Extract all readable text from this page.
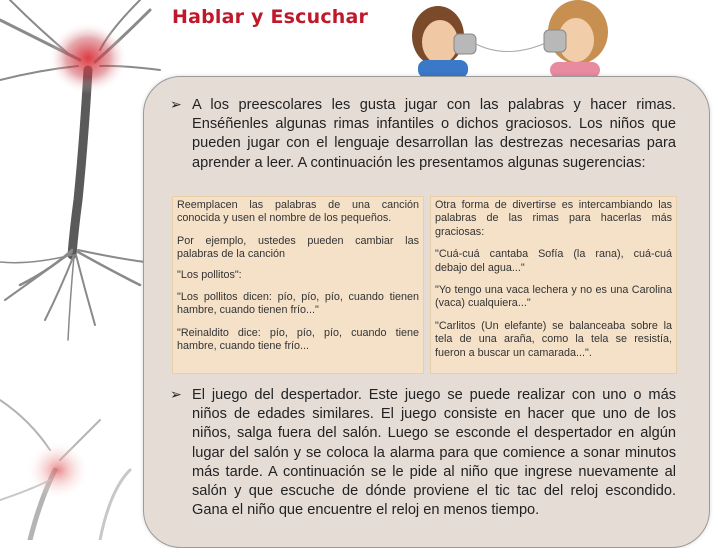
Hablar y Escuchar
➢ A los preescolares les gusta jugar con las palabras y hacer rimas. Enséñenles algunas rimas infantiles o dichos graciosos. Los niños que pueden jugar con el lenguaje desarrollan las destrezas necesarias para aprender a leer. A continuación les presentamos algunas sugerencias:

Reemplacen las palabras de una canción conocida y usen el nombre de los pequeños.

Por ejemplo, ustedes pueden cambiar las palabras de la canción

"Los pollitos":

"Los pollitos dicen: pío, pío, pío, cuando tienen hambre, cuando tienen frío..."

"Reinaldito dice: pío, pío, pío, cuando tiene hambre, cuando tiene frío...

Otra forma de divertirse es intercambiando las palabras de las rimas para hacerlas más graciosas:

"Cuá-cuá cantaba Sofía (la rana), cuá-cuá debajo del agua..."

"Yo tengo una vaca lechera y no es una Carolina (vaca) cualquiera..."

"Carlitos (Un elefante) se balanceaba sobre la tela de una araña, como la tela se resistía, fueron a buscar un camarada...".

➢ El juego del despertador. Este juego se puede realizar con uno o más niños de edades similares. El juego consiste en hacer que uno de los niños, salga fuera del salón. Luego se esconde el despertador en algún lugar del salón y se coloca la alarma para que comience a sonar minutos más tarde. A continuación se le pide al niño que ingrese nuevamente al salón y que escuche de dónde proviene el tic tac del reloj escondido. Gana el niño que encuentre el reloj en menos tiempo.
